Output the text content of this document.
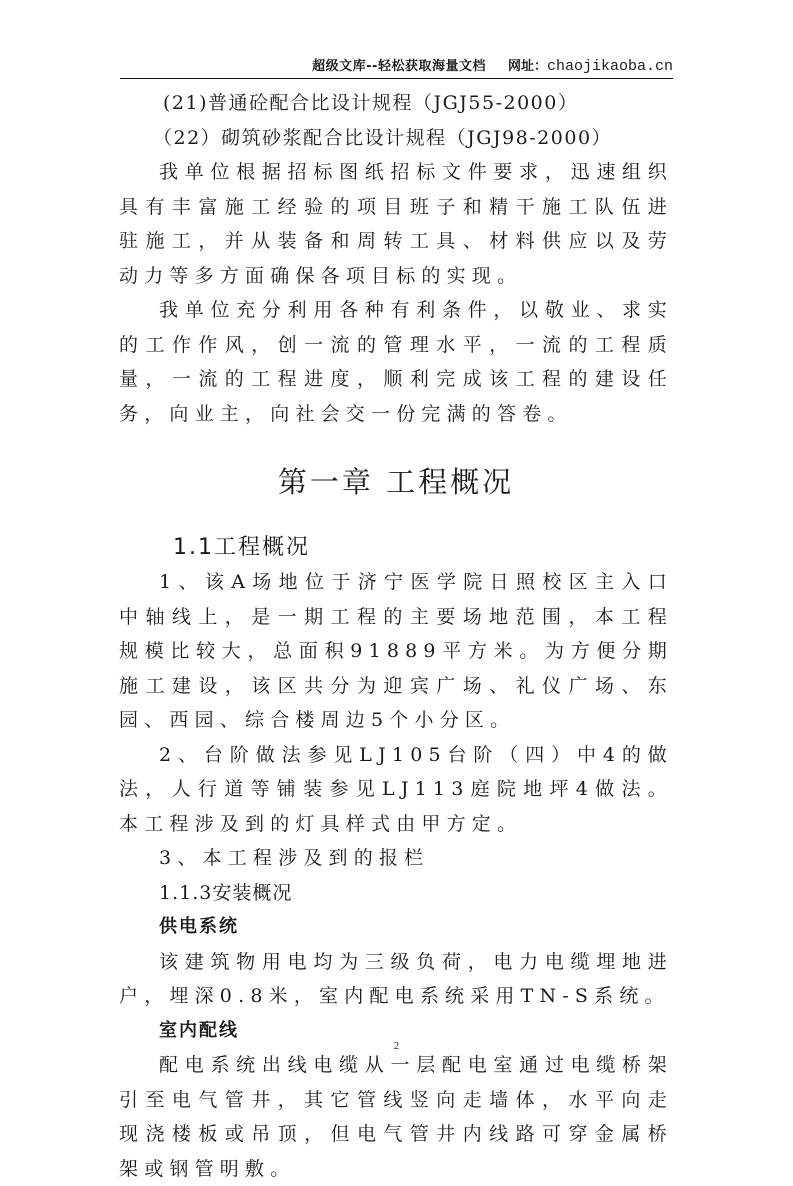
超级文库--轻松获取海量文档 网址：chaojikaoba.cn

(21)普通砼配合比设计规程（JGJ55-2000）

（22）砌筑砂浆配合比设计规程（JGJ98-2000）

我单位根据招标图纸招标文件要求，迅速组织具有丰富施工经验的项目班子和精干施工队伍进驻施工，并从装备和周转工具、材料供应以及劳动力等多方面确保各项目标的实现。

我单位充分利用各种有利条件，以敬业、求实的工作作风，创一流的管理水平，一流的工程质量，一流的工程进度，顺利完成该工程的建设任务，向业主，向社会交一份完满的答卷。

第一章 工程概况
1.1工程概况

1、该A场地位于济宁医学院日照校区主入口中轴线上，是一期工程的主要场地范围，本工程规模比较大，总面积91889平方米。为方便分期施工建设，该区共分为迎宾广场、礼仪广场、东园、西园、综合楼周边5个小分区。

2、台阶做法参见LJ105台阶（四）中4的做法，人行道等铺装参见LJ113庭院地坪4做法。本工程涉及到的灯具样式由甲方定。

3、本工程涉及到的报栏

1.1.3安装概况

供电系统

该建筑物用电均为三级负荷，电力电缆埋地进户，埋深0.8米，室内配电系统采用TN-S系统。

室内配线

配电系统出线电缆从一层配电室通过电缆桥架引至电气管井，其它管线竖向走墙体，水平向走现浇楼板或吊顶，但电气管井内线路可穿金属桥架或钢管明敷。

2
